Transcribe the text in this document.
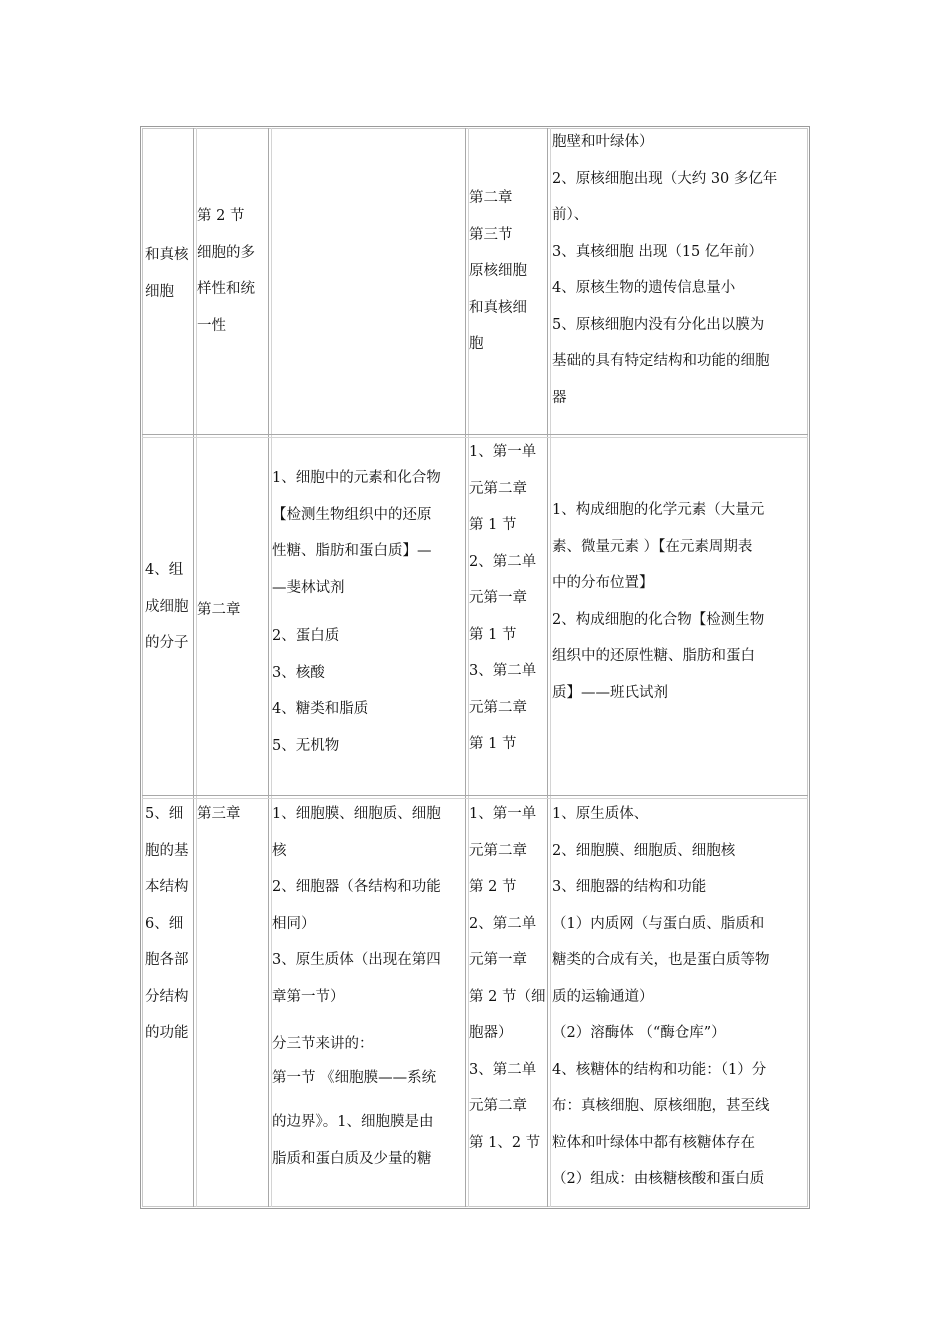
和真核
细胞
第 2 节
细胞的多
样性和统
一性
第二章
第三节
原核细胞
和真核细
胞
胞壁和叶绿体）
2、原核细胞出现（大约 30 多亿年
前）、
3、真核细胞 出现（15 亿年前）
4、原核生物的遗传信息量小
5、原核细胞内没有分化出以膜为
基础的具有特定结构和功能的细胞
器
4、组
成细胞
的分子
第二章
1、细胞中的元素和化合物
【检测生物组织中的还原
性糖、脂肪和蛋白质】—
—斐林试剂
2、蛋白质
3、核酸
4、糖类和脂质
5、无机物
1、第一单
元第二章
第 1 节
2、第二单
元第一章
第 1 节
3、第二单
元第二章
第 1 节
1、构成细胞的化学元素（大量元
素、微量元素 ）【在元素周期表
中的分布位置】
2、构成细胞的化合物【检测生物
组织中的还原性糖、脂肪和蛋白
质】——班氏试剂
5、细
胞的基
本结构
6、细
胞各部
分结构
的功能
第三章 1、细胞膜、细胞质、细胞
核
2、细胞器（各结构和功能
相同）
3、原生质体（出现在第四
章第一节）
分三节来讲的：
第一节 《细胞膜——系统
的边界》。1、细胞膜是由
脂质和蛋白质及少量的糖
1、第一单
元第二章
第 2 节
2、第二单
元第一章
第 2 节（细
胞器）
3、第二单
元第二章
第 1、2 节
1、原生质体、
2、细胞膜、细胞质、细胞核
3、细胞器的结构和功能
（1）内质网（与蛋白质、脂质和
糖类的合成有关，也是蛋白质等物
质的运输通道）
（2）溶酶体 （“酶仓库”）
4、核糖体的结构和功能：（1）分
布：真核细胞、原核细胞，甚至线
粒体和叶绿体中都有核糖体存在
（2）组成：由核糖核酸和蛋白质
